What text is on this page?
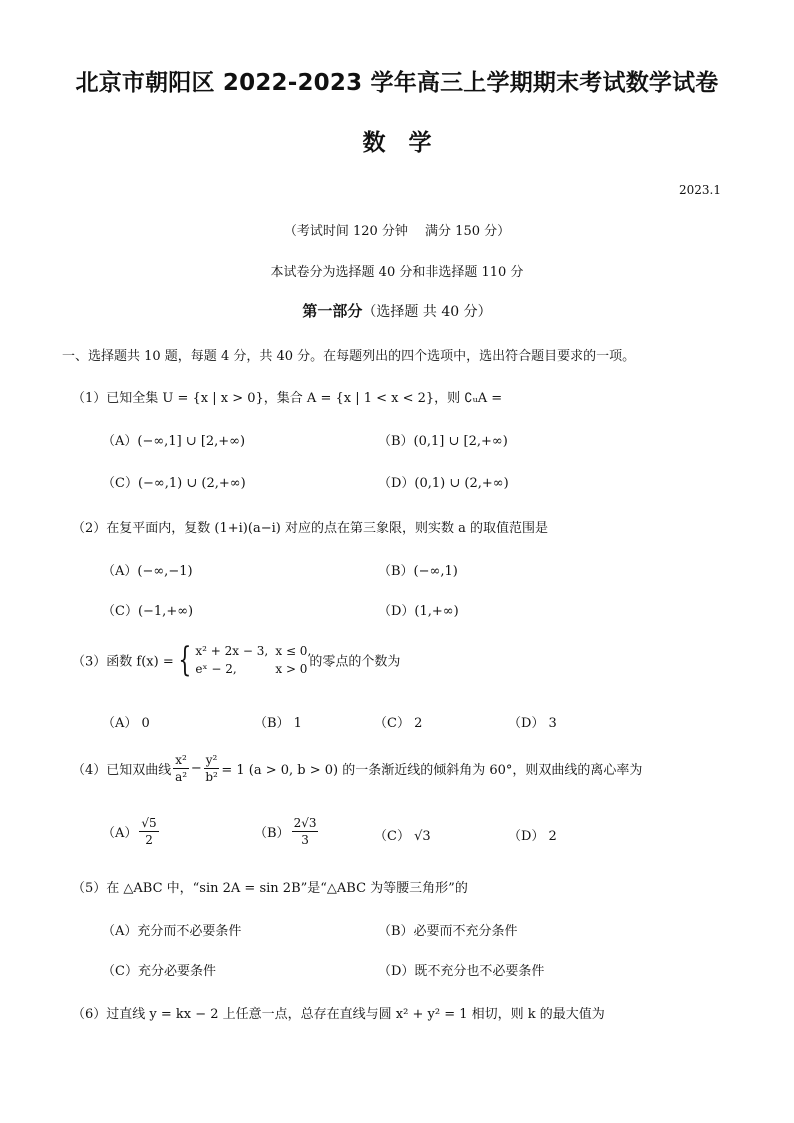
北京市朝阳区 2022-2023 学年高三上学期期末考试数学试卷
数　学
2023.1
（考试时间 120 分钟　 满分 150 分）
本试卷分为选择题 40 分和非选择题 110 分
第一部分（选择题 共 40 分）
一、选择题共 10 题，每题 4 分，共 40 分。在每题列出的四个选项中，选出符合题目要求的一项。
（1）已知全集 U = {x | x > 0}，集合 A = {x | 1 < x < 2}，则 ∁ᵤA =
（A）(−∞,1] ∪ [2,+∞)	（B）(0,1] ∪ [2,+∞)
（C）(−∞,1) ∪ (2,+∞)	（D）(0,1) ∪ (2,+∞)
（2）在复平面内，复数 (1+i)(a−i) 对应的点在第三象限，则实数 a 的取值范围是
（A）(−∞,−1)	（B）(−∞,1)
（C）(−1,+∞)	（D）(1,+∞)
（3）函数 f(x) = { x² + 2x − 3, x ≤ 0,
eˣ − 2,	x > 0 的零点的个数为
（A） 0	（B） 1	（C） 2	（D） 3
（4）已知双曲线 $\frac{\text{x²}}{\text{a²}} - \frac{\text{y²}}{\text{b²}} = 1$ (a > 0, b > 0) 的一条渐近线的倾斜角为 60°，则双曲线的离心率为
$(A) \frac{√5}{2}$	$(B) \frac{2√3}{3}$	（C） √3	（D） 2
（5）在 △ABC 中，“sin 2A = sin 2B”是“△ABC 为等腰三角形”的
（A）充分而不必要条件	（B）必要而不充分条件
（C）充分必要条件	（D）既不充分也不必要条件
（6）过直线 y = kx − 2 上任意一点，总存在直线与圆 x² + y² = 1 相切，则 k 的最大值为
